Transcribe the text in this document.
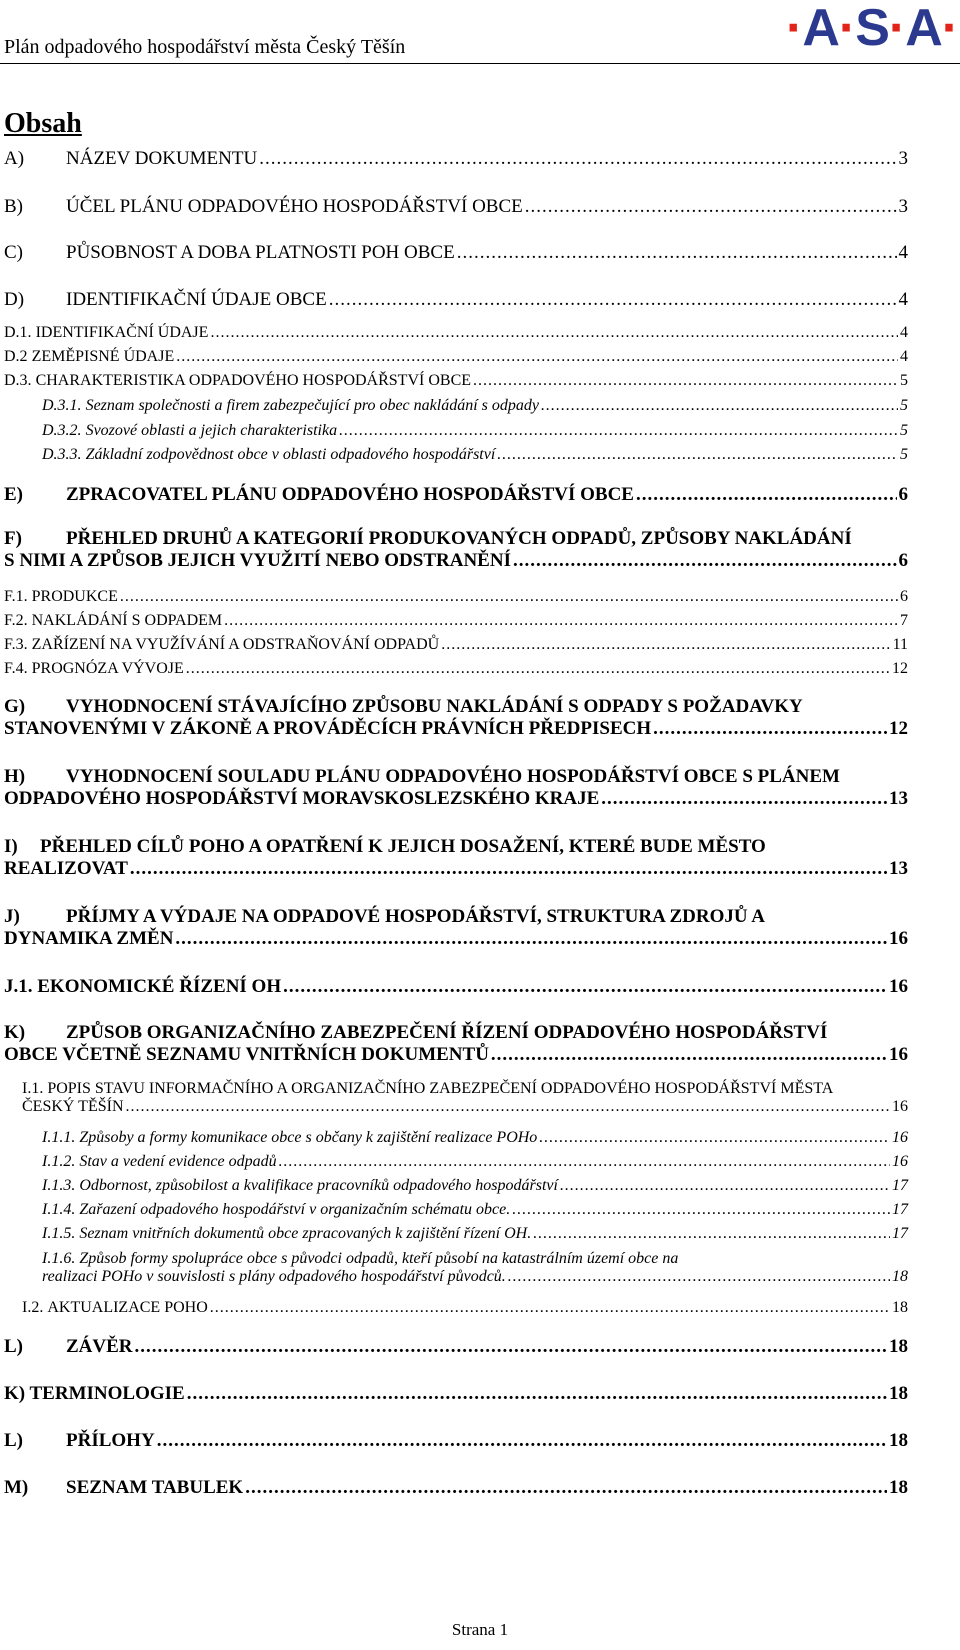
Plán odpadového hospodářství města Český Těšín	· A · S · A ·
Obsah
A)	NÁZEV DOKUMENTU .....	3
B)	ÚČEL PLÁNU ODPADOVÉHO HOSPODÁŘSTVÍ OBCE .....	3
C)	PŮSOBNOST A DOBA PLATNOSTI POH OBCE .....	4
D)	IDENTIFIKAČNÍ ÚDAJE OBCE .....	4
D.1.
IDENTIFIKAČNÍ ÚDAJE .....	4
D.2
ZEMĚPISNÉ ÚDAJE .....	4
D.3.
CHARAKTERISTIKA ODPADOVÉHO HOSPODÁŘSTVÍ OBCE .....	5
D.3.1.
Seznam společnosti a firem zabezpečující pro obec nakládání s odpady .....	5
D.3.2.
Svozové oblasti a jejich charakteristika .....	5
D.3.3.
Základní zodpovědnost obce v oblasti odpadového hospodářství .....	5
E)	ZPRACOVATEL PLÁNU ODPADOVÉHO HOSPODÁŘSTVÍ OBCE .....	6
F)	PŘEHLED DRUHŮ A KATEGORIÍ PRODUKOVANÝCH ODPADŮ, ZPŮSOBY NAKLÁDÁNÍ
S NIMI A ZPŮSOB JEJICH VYUŽITÍ NEBO ODSTRANĚNÍ .....	6
F.1.
PRODUKCE .....	6
F.2.
NAKLÁDÁNÍ S ODPADEM .....	7
F.3.
ZAŘÍZENÍ NA VYUŽÍVÁNÍ A ODSTRAŇOVÁNÍ ODPADŮ .....	11
F.4.
PROGNÓZA VÝVOJE .....	12
G)	VYHODNOCENÍ STÁVAJÍCÍHO ZPŮSOBU NAKLÁDÁNÍ S ODPADY S POŽADAVKY
STANOVENÝMI V ZÁKONĚ A PROVÁDĚCÍCH PRÁVNÍCH PŘEDPISECH .....	12
H)	VYHODNOCENÍ SOULADU PLÁNU ODPADOVÉHO HOSPODÁŘSTVÍ OBCE S PLÁNEM
ODPADOVÉHO HOSPODÁŘSTVÍ MORAVSKOSLEZSKÉHO KRAJE .....	13
I)	PŘEHLED CÍLŮ POHO A OPATŘENÍ K JEJICH DOSAŽENÍ, KTERÉ BUDE MĚSTO
REALIZOVAT .....	13
J)	PŘÍJMY A VÝDAJE NA ODPADOVÉ HOSPODÁŘSTVÍ, STRUKTURA ZDROJŮ A
DYNAMIKA ZMĚN .....	16
J.1. EKONOMICKÉ ŘÍZENÍ OH .....	16
K)	ZPŮSOB ORGANIZAČNÍHO ZABEZPEČENÍ ŘÍZENÍ ODPADOVÉHO HOSPODÁŘSTVÍ
OBCE VČETNĚ SEZNAMU VNITŘNÍCH DOKUMENTŮ .....	16
I.1. POPIS STAVU INFORMAČNÍHO A ORGANIZAČNÍHO ZABEZPEČENÍ ODPADOVÉHO HOSPODÁŘSTVÍ MĚSTA
ČESKÝ TĚŠÍN .....	16
I.1.1.
Způsoby a formy komunikace obce s občany k zajištění realizace POHo .....	16
I.1.2.
Stav a vedení evidence odpadů .....	16
I.1.3.
Odbornost, způsobilost a kvalifikace pracovníků odpadového hospodářství .....	17
I.1.4.
Zařazení odpadového hospodářství v organizačním schématu obce. .....	17
I.1.5.
Seznam vnitřních dokumentů obce zpracovaných k zajištění řízení OH. .....	17
I.1.6. Způsob formy spolupráce obce s původci odpadů, kteří působí na katastrálním území obce na
realizaci POHo v souvislosti s plány odpadového hospodářství původců. .....	18
I.2.
AKTUALIZACE POHO .....	18
L)	ZÁVĚR .....	18
K) TERMINOLOGIE .....	18
L)	PŘÍLOHY .....	18
M)	SEZNAM TABULEK .....	18
Strana 1
